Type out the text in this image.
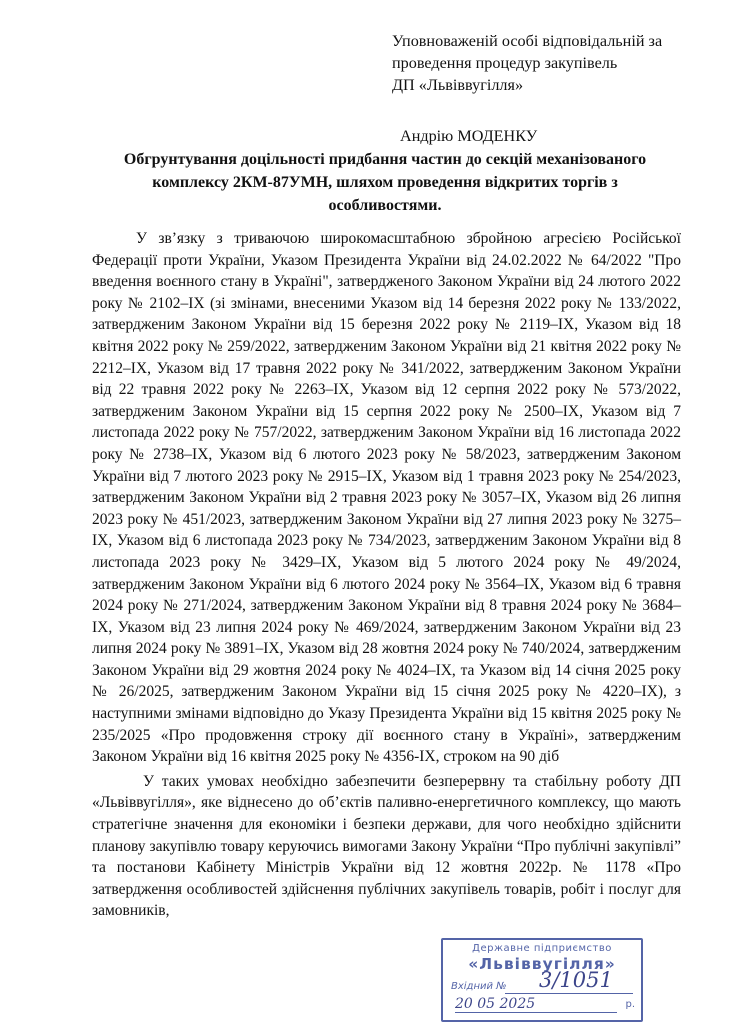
Уповноваженій особі відповідальній за
проведення процедур закупівель
ДП «Львіввугілля»
Андрію МОДЕНКУ
Обгрунтування доцільності придбання частин до секцій механізованого комплексу 2КМ-87УМН, шляхом проведення відкритих торгів з особливостями.

У зв’язку з триваючою широкомасштабною збройною агресією Російської Федерації проти України, Указом Президента України від 24.02.2022 № 64/2022 "Про введення воєнного стану в Україні", затвердженого Законом України від 24 лютого 2022 року № 2102–IX (зі змінами, внесеними Указом від 14 березня 2022 року № 133/2022, затвердженим Законом України від 15 березня 2022 року № 2119–IX, Указом від 18 квітня 2022 року № 259/2022, затвердженим Законом України від 21 квітня 2022 року № 2212–IX, Указом від 17 травня 2022 року № 341/2022, затвердженим Законом України від 22 травня 2022 року № 2263–IX, Указом від 12 серпня 2022 року № 573/2022, затвердженим Законом України від 15 серпня 2022 року № 2500–IX, Указом від 7 листопада 2022 року № 757/2022, затвердженим Законом України від 16 листопада 2022 року № 2738–IX, Указом від 6 лютого 2023 року № 58/2023, затвердженим Законом України від 7 лютого 2023 року № 2915–IX, Указом від 1 травня 2023 року № 254/2023, затвердженим Законом України від 2 травня 2023 року № 3057–IX, Указом від 26 липня 2023 року № 451/2023, затвердженим Законом України від 27 липня 2023 року № 3275–IX, Указом від 6 листопада 2023 року № 734/2023, затвердженим Законом України від 8 листопада 2023 року № 3429–IX, Указом від 5 лютого 2024 року № 49/2024, затвердженим Законом України від 6 лютого 2024 року № 3564–IX, Указом від 6 травня 2024 року № 271/2024, затвердженим Законом України від 8 травня 2024 року № 3684–IX, Указом від 23 липня 2024 року № 469/2024, затвердженим Законом України від 23 липня 2024 року № 3891–IX, Указом від 28 жовтня 2024 року № 740/2024, затвердженим Законом України від 29 жовтня 2024 року № 4024–IX, та Указом від 14 січня 2025 року № 26/2025, затвердженим Законом України від 15 січня 2025 року № 4220–IX), з наступними змінами відповідно до Указу Президента України від 15 квітня 2025 року № 235/2025 «Про продовження строку дії воєнного стану в Україні», затвердженим Законом України від 16 квітня 2025 року № 4356-IX, строком на 90 діб

У таких умовах необхідно забезпечити безперервну та стабільну роботу ДП «Львіввугілля», яке віднесено до об’єктів паливно-енергетичного комплексу, що мають стратегічне значення для економіки і безпеки держави, для чого необхідно здійснити планову закупівлю товару керуючись вимогами Закону України “Про публічні закупівлі” та постанови Кабінету Міністрів України від 12 жовтня 2022р. № 1178 «Про затвердження особливостей здійснення публічних закупівель товарів, робіт і послуг для замовників,

Державне підприємство
«Львіввугілля»
Вхідний № 3/1051
20 05 2025	р.
